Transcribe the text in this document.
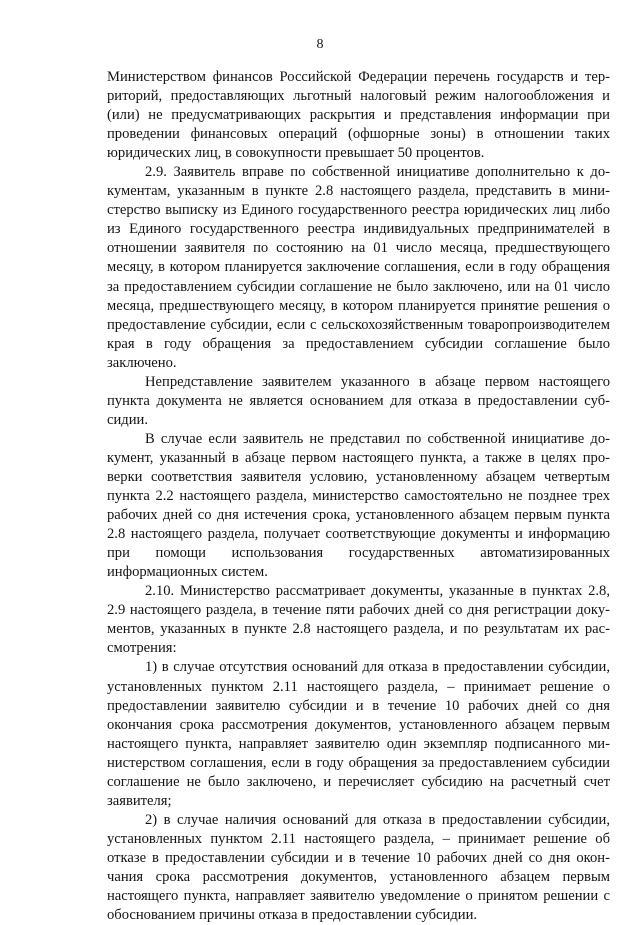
8

Министерством финансов Российской Федерации перечень государств и территорий, предоставляющих льготный налоговый режим налогообложения и (или) не предусматривающих раскрытия и представления информации при проведении финансовых операций (офшорные зоны) в отношении таких юридических лиц, в совокупности превышает 50 процентов.

2.9. Заявитель вправе по собственной инициативе дополнительно к документам, указанным в пункте 2.8 настоящего раздела, представить в министерство выписку из Единого государственного реестра юридических лиц либо из Единого государственного реестра индивидуальных предпринимателей в отношении заявителя по состоянию на 01 число месяца, предшествующего месяцу, в котором планируется заключение соглашения, если в году обращения за предоставлением субсидии соглашение не было заключено, или на 01 число месяца, предшествующего месяцу, в котором планируется принятие решения о предоставление субсидии, если с сельскохозяйственным товаропроизводителем края в году обращения за предоставлением субсидии соглашение было заключено.

Непредставление заявителем указанного в абзаце первом настоящего пункта документа не является основанием для отказа в предоставлении субсидии.

В случае если заявитель не представил по собственной инициативе документ, указанный в абзаце первом настоящего пункта, а также в целях проверки соответствия заявителя условию, установленному абзацем четвертым пункта 2.2 настоящего раздела, министерство самостоятельно не позднее трех рабочих дней со дня истечения срока, установленного абзацем первым пункта 2.8 настоящего раздела, получает соответствующие документы и информацию при помощи использования государственных автоматизированных информационных систем.

2.10. Министерство рассматривает документы, указанные в пунктах 2.8, 2.9 настоящего раздела, в течение пяти рабочих дней со дня регистрации документов, указанных в пункте 2.8 настоящего раздела, и по результатам их рассмотрения:

1) в случае отсутствия оснований для отказа в предоставлении субсидии, установленных пунктом 2.11 настоящего раздела, – принимает решение о предоставлении заявителю субсидии и в течение 10 рабочих дней со дня окончания срока рассмотрения документов, установленного абзацем первым настоящего пункта, направляет заявителю один экземпляр подписанного министерством соглашения, если в году обращения за предоставлением субсидии соглашение не было заключено, и перечисляет субсидию на расчетный счет заявителя;

2) в случае наличия оснований для отказа в предоставлении субсидии, установленных пунктом 2.11 настоящего раздела, – принимает решение об отказе в предоставлении субсидии и в течение 10 рабочих дней со дня окончания срока рассмотрения документов, установленного абзацем первым настоящего пункта, направляет заявителю уведомление о принятом решении с обоснованием причины отказа в предоставлении субсидии.
